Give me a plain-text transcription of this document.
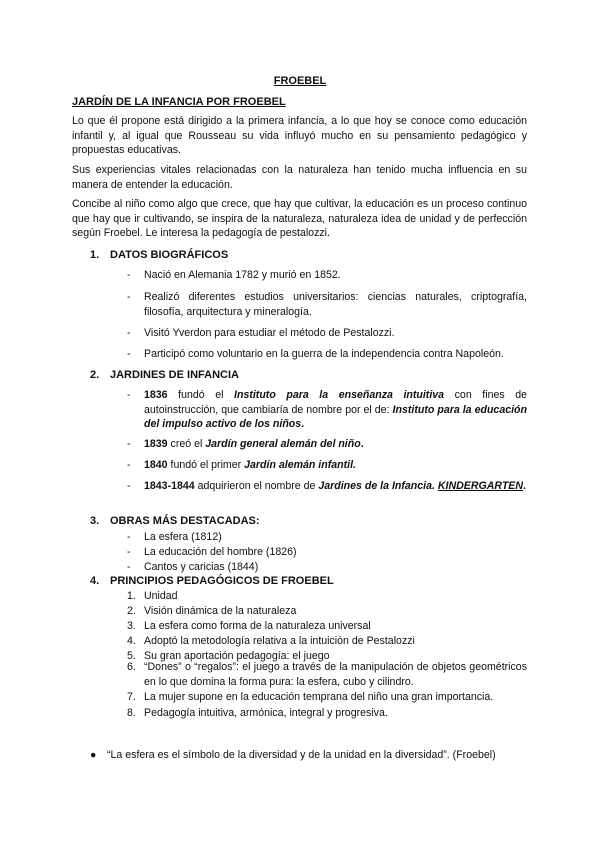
FROEBEL
JARDÍN DE LA INFANCIA POR FROEBEL
Lo que él propone está dirigido a la primera infancia, a lo que hoy se conoce como educación infantil y, al igual que Rousseau su vida influyó mucho en su pensamiento pedagógico y propuestas educativas.
Sus experiencias vitales relacionadas con la naturaleza han tenido mucha influencia en su manera de entender la educación.
Concibe al niño como algo que crece, que hay que cultivar, la educación es un proceso continuo que hay que ir cultivando, se inspira de la naturaleza, naturaleza idea de unidad y de perfección según Froebel. Le interesa la pedagogía de pestalozzi.
1. DATOS BIOGRÁFICOS
- Nació en Alemania 1782 y murió en 1852.
- Realizó diferentes estudios universitarios: ciencias naturales, criptografía, filosofía, arquitectura y mineralogía.
- Visitó Yverdon para estudiar el método de Pestalozzi.
- Participó como voluntario en la guerra de la independencia contra Napoleón.
2. JARDINES DE INFANCIA
- 1836 fundó el Instituto para la enseñanza intuitiva con fines de autoinstrucción, que cambiaría de nombre por el de: Instituto para la educación del impulso activo de los niños.
- 1839 creó el Jardín general alemán del niño.
- 1840 fundó el primer Jardín alemán infantil.
- 1843-1844 adquirieron el nombre de Jardines de la Infancia. KINDERGARTEN.
3. OBRAS MÁS DESTACADAS:
- La esfera (1812)
- La educación del hombre (1826)
- Cantos y caricias (1844)
4. PRINCIPIOS PEDAGÓGICOS DE FROEBEL
1. Unidad
2. Visión dinámica de la naturaleza
3. La esfera como forma de la naturaleza universal
4. Adoptó la metodología relativa a la intuición de Pestalozzi
5. Su gran aportación pedagogía: el juego
6. “Dones” o “regalos”: el juego a través de la manipulación de objetos geométricos en lo que domina la forma pura: la esfera, cubo y cilindro.
7. La mujer supone en la educación temprana del niño una gran importancia.
8. Pedagogía intuitiva, armónica, integral y progresiva.
● “La esfera es el símbolo de la diversidad y de la unidad en la diversidad”. (Froebel)
